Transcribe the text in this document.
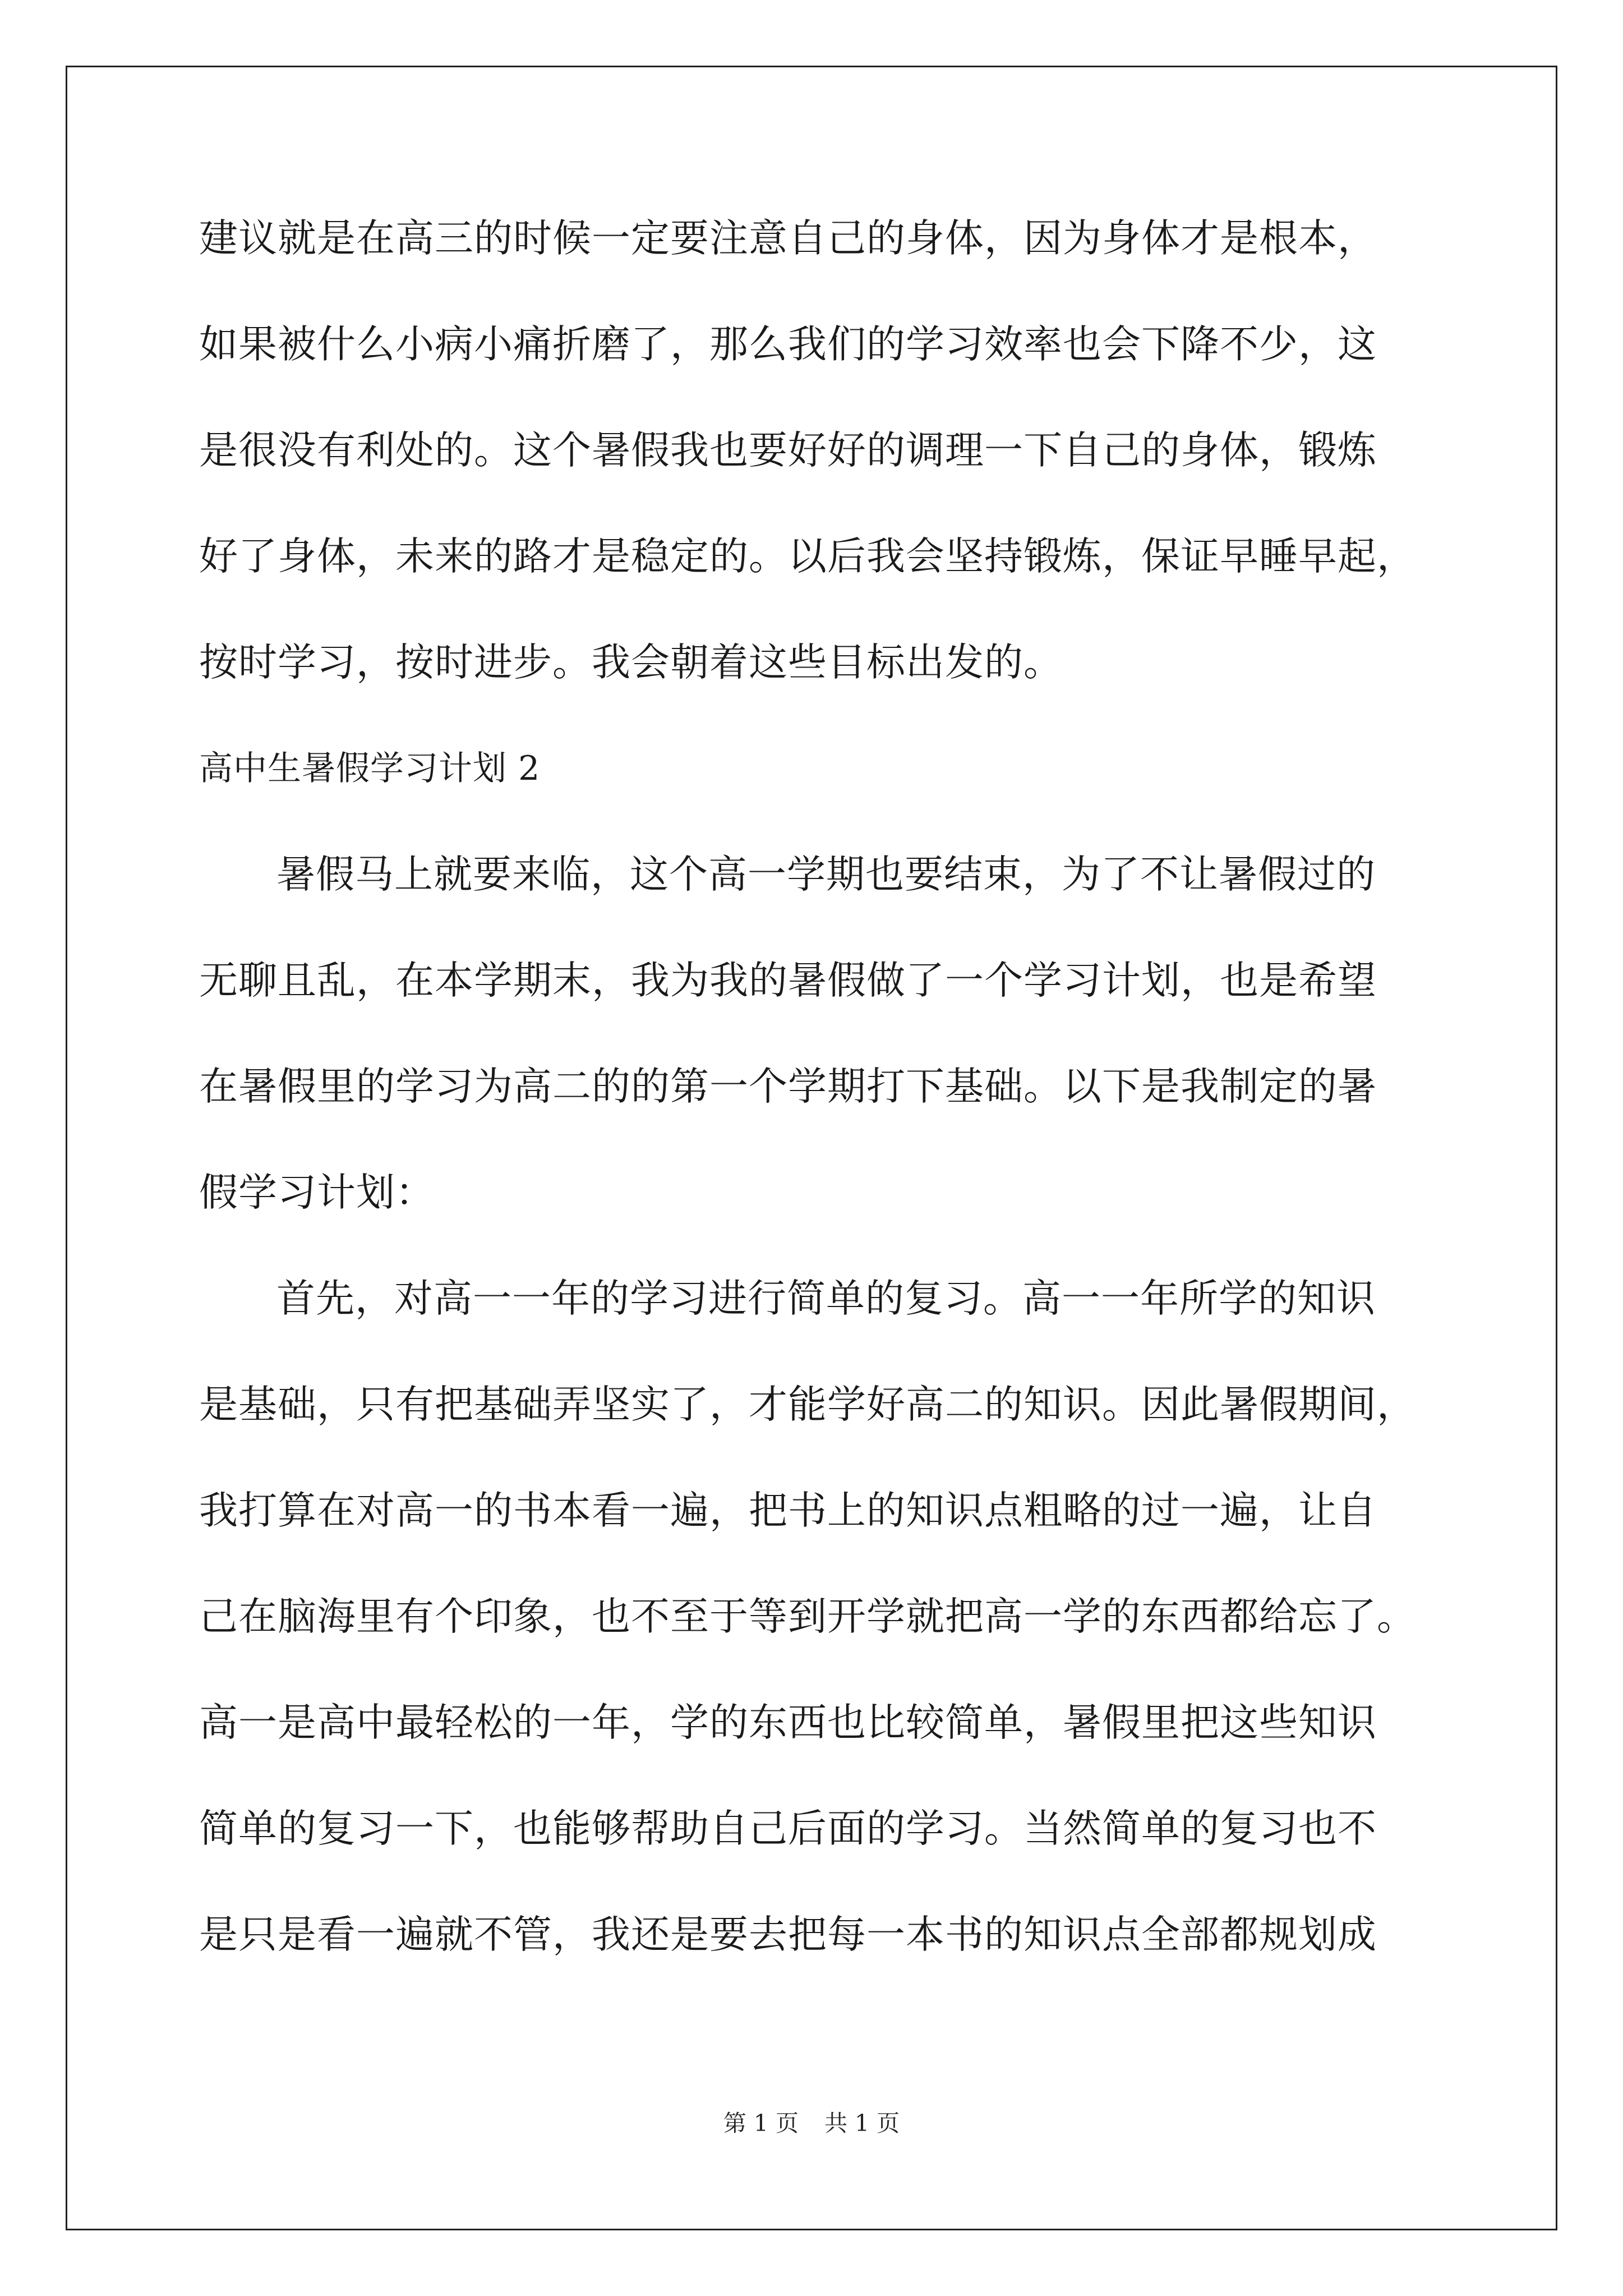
建议就是在高三的时候一定要注意自己的身体，因为身体才是根本，
如果被什么小病小痛折磨了，那么我们的学习效率也会下降不少，这
是很没有利处的。这个暑假我也要好好的调理一下自己的身体，锻炼
好了身体，未来的路才是稳定的。以后我会坚持锻炼，保证早睡早起，
按时学习，按时进步。我会朝着这些目标出发的。
高中生暑假学习计划 2
暑假马上就要来临，这个高一学期也要结束，为了不让暑假过的
无聊且乱，在本学期末，我为我的暑假做了一个学习计划，也是希望
在暑假里的学习为高二的的第一个学期打下基础。以下是我制定的暑
假学习计划：
首先，对高一一年的学习进行简单的复习。高一一年所学的知识
是基础，只有把基础弄坚实了，才能学好高二的知识。因此暑假期间，
我打算在对高一的书本看一遍，把书上的知识点粗略的过一遍，让自
己在脑海里有个印象，也不至于等到开学就把高一学的东西都给忘了。
高一是高中最轻松的一年，学的东西也比较简单，暑假里把这些知识
简单的复习一下，也能够帮助自己后面的学习。当然简单的复习也不
是只是看一遍就不管，我还是要去把每一本书的知识点全部都规划成
第 1 页 共 1 页
